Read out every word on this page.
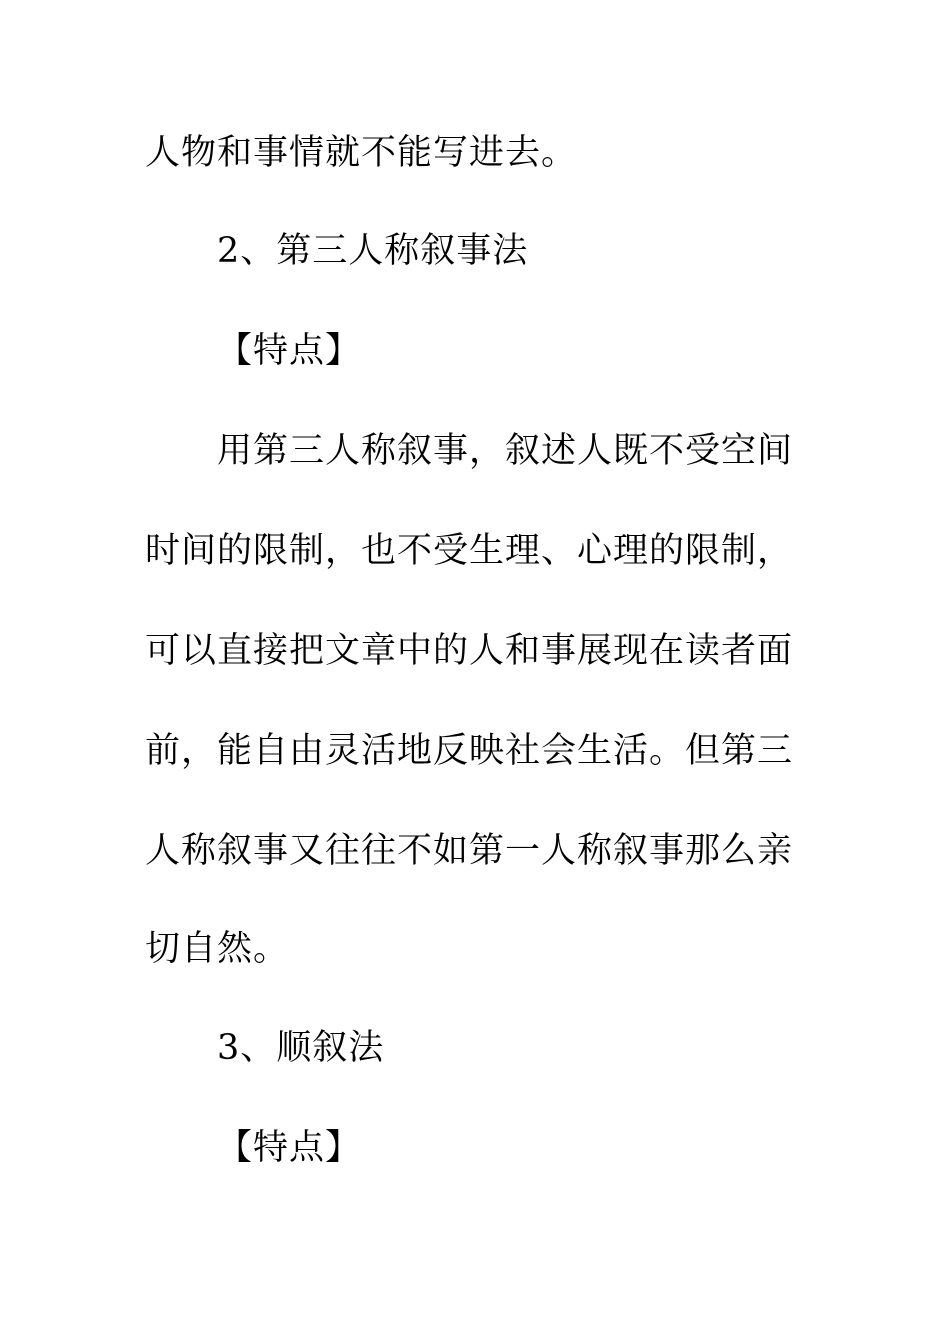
人物和事情就不能写进去。
2、第三人称叙事法
【特点】
用第三人称叙事，叙述人既不受空间
时间的限制，也不受生理、心理的限制，
可以直接把文章中的人和事展现在读者面
前，能自由灵活地反映社会生活。但第三
人称叙事又往往不如第一人称叙事那么亲
切自然。
3、顺叙法
【特点】
